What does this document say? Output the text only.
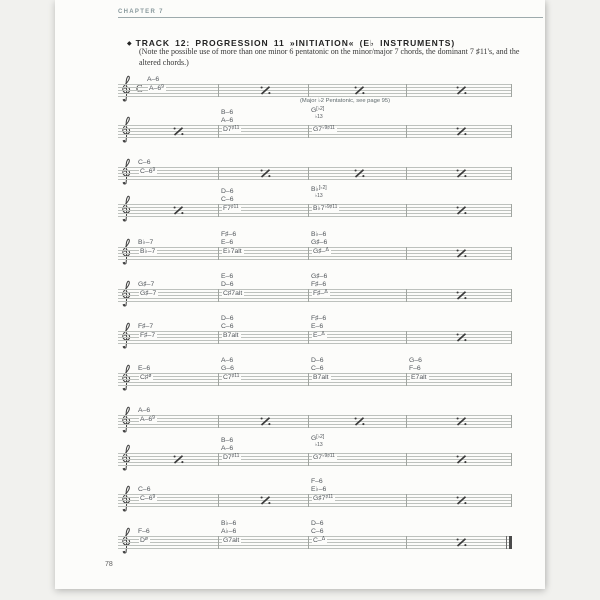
CHAPTER 7
◆ TRACK 12: PROGRESSION 11 »INITIATION« (E♭ INSTRUMENTS)
(Note the possible use of more than one minor 6 pentatonic on the minor/major 7 chords, the dominant 7 ♯11's, and the altered chords.)
A–6
$A-6^9$
B–6
A–6
$D7^{♯11}$
G[♭2]
$^{♭13}$
$G7^{♭9♯11}$
(Major ♭2 Pentatonic, see page 95)
C–6
$C-6^9$
D–6
C–6
$F7^{♯11}$
B♭[♭2]
$^{♭13}$
$B♭7^{♭9♯11}$
B♭–7
B♭–7
F♯–6
E–6
E♭7alt
B♭–6
G♯–6
G♯–$^\Delta$
G♯–7
G♯–7
E–6
D–6
C♯7alt
G♯–6
F♯–6
F♯–$^\Delta$
F♯–7
F♯–7
D–6
C–6
B7alt
F♯–6
E–6
E–$^\Delta$
E–6
C♯$^ø$
A–6
G–6
$C7^{♯11}$
D–6
C–6
B7alt
G–6
F–6
E7alt
A–6
$A-6^9$
B–6
A–6
$D7^{♯11}$
G[♭2]
$^{♭13}$
$G7^{♭9♯11}$
C–6
$C-6^9$
F–6
E♭–6
$G♯7^{♯11}$
F–6
$D^ø$
B♭–6
A♭–6
G7alt
D–6
C–6
C–$^\Delta$
78
